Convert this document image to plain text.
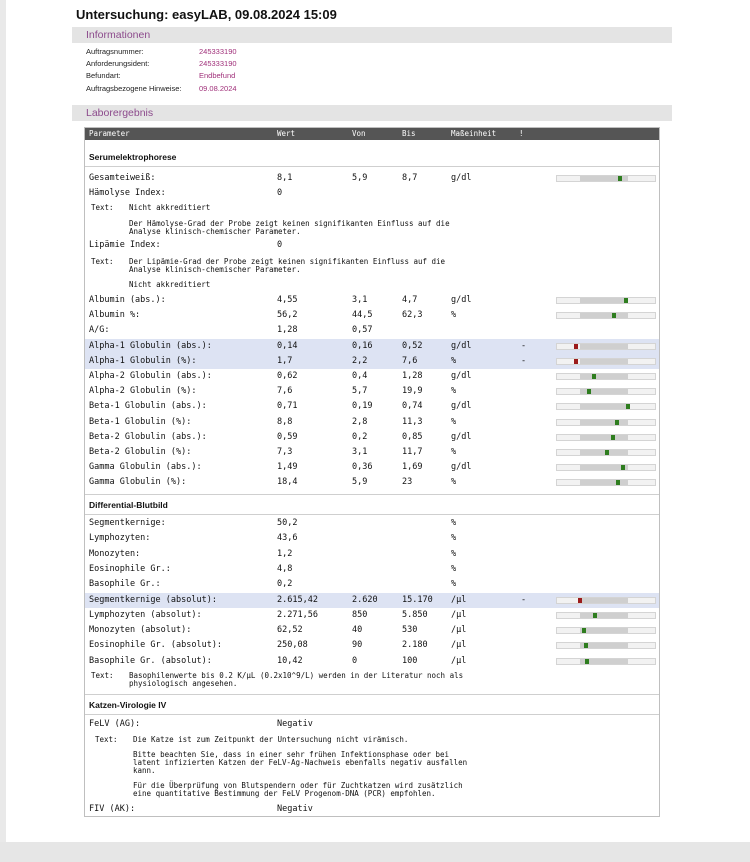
Untersuchung: easyLAB, 09.08.2024 15:09
Informationen
Auftragsnummer:	245333190
Anforderungsident:	245333190
Befundart:	Endbefund
Auftragsbezogene Hinweise: 09.08.2024
Laborergebnis
Parameter	Wert	Von	Bis	Maßeinheit	!
Serumelektrophorese
Gesamteiweiß:	8,1	5,9	8,7	g/dl
Hämolyse Index:	0
Text: Nicht akkreditiert
Der Hämolyse-Grad der Probe zeigt keinen signifikanten Einfluss auf die
Analyse klinisch-chemischer Parameter.
Lipämie Index:	0
Text: Der Lipämie-Grad der Probe zeigt keinen signifikanten Einfluss auf die
Analyse klinisch-chemischer Parameter.
Nicht akkreditiert
Albumin (abs.):	4,55	3,1	4,7	g/dl
Albumin %:	56,2	44,5	62,3	%
A/G:	1,28	0,57
Alpha-1 Globulin (abs.):	0,14	0,16	0,52	g/dl	-
Alpha-1 Globulin (%):	1,7	2,2	7,6	%	-
Alpha-2 Globulin (abs.):	0,62	0,4	1,28	g/dl
Alpha-2 Globulin (%):	7,6	5,7	19,9	%
Beta-1 Globulin (abs.):	0,71	0,19	0,74	g/dl
Beta-1 Globulin (%):	8,8	2,8	11,3	%
Beta-2 Globulin (abs.):	0,59	0,2	0,85	g/dl
Beta-2 Globulin (%):	7,3	3,1	11,7	%
Gamma Globulin (abs.):	1,49	0,36	1,69	g/dl
Gamma Globulin (%):	18,4	5,9	23	%
Differential-Blutbild
Segmentkernige:	50,2	%
Lymphozyten:	43,6	%
Monozyten:	1,2	%
Eosinophile Gr.:	4,8	%
Basophile Gr.:	0,2	%
Segmentkernige (absolut):	2.615,42	2.620	15.170 /µl	-
Lymphozyten (absolut):	2.271,56	850	5.850	/µl
Monozyten (absolut):	62,52	40	530	/µl
Eosinophile Gr. (absolut):	250,08	90	2.180	/µl
Basophile Gr. (absolut):	10,42	0	100	/µl
Text: Basophilenwerte bis 0.2 K/µL (0.2x10^9/L) werden in der Literatur noch als
physiologisch angesehen.
Katzen-Virologie IV
FeLV (AG):	Negativ
Text: Die Katze ist zum Zeitpunkt der Untersuchung nicht virämisch.
Bitte beachten Sie, dass in einer sehr frühen Infektionsphase oder bei
latent infizierten Katzen der FeLV-Ag-Nachweis ebenfalls negativ ausfallen
kann.
Für die Überprüfung von Blutspendern oder für Zuchtkatzen wird zusätzlich
eine quantitative Bestimmung der FeLV Progenom-DNA (PCR) empfohlen.
FIV (AK):	Negativ
